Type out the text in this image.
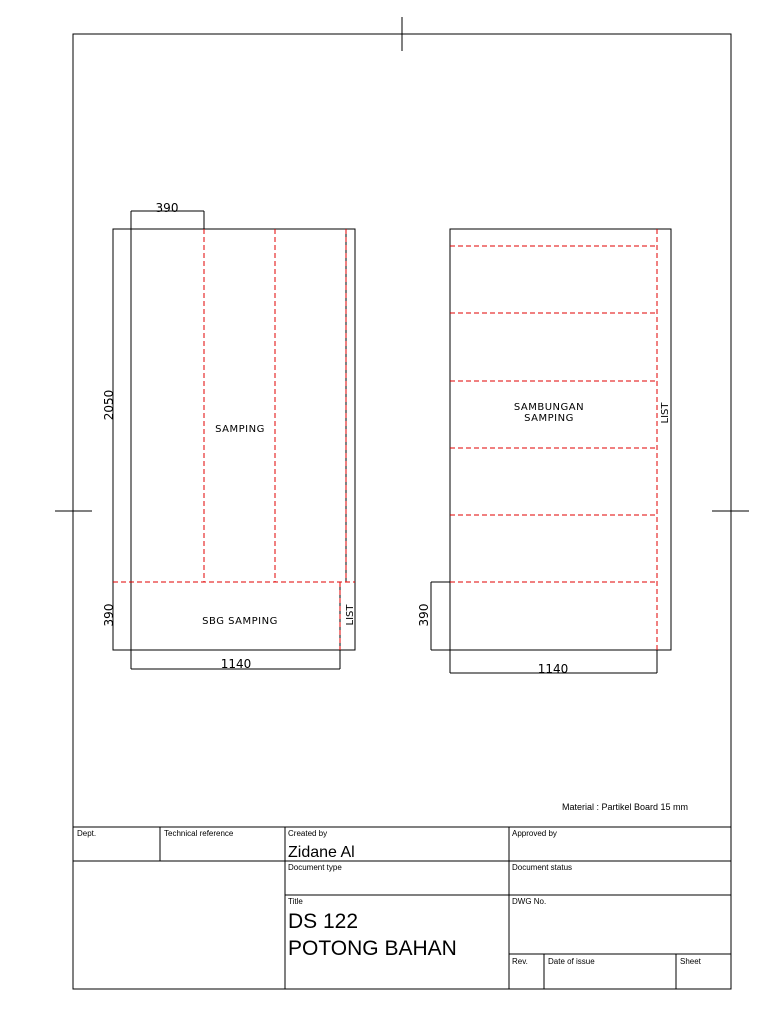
390
2050
390
1140
SAMPING
SBG SAMPING	LIST
1140
390
SAMBUNGAN
SAMPING	LIST
Material : Partikel Board 15 mm
Dept.	Technical reference	Created by
Zidane Al
Approved by
Document type	Document status
Title
DS 122
POTONG BAHAN
DWG No.
Rev.	Date of issue	Sheet
